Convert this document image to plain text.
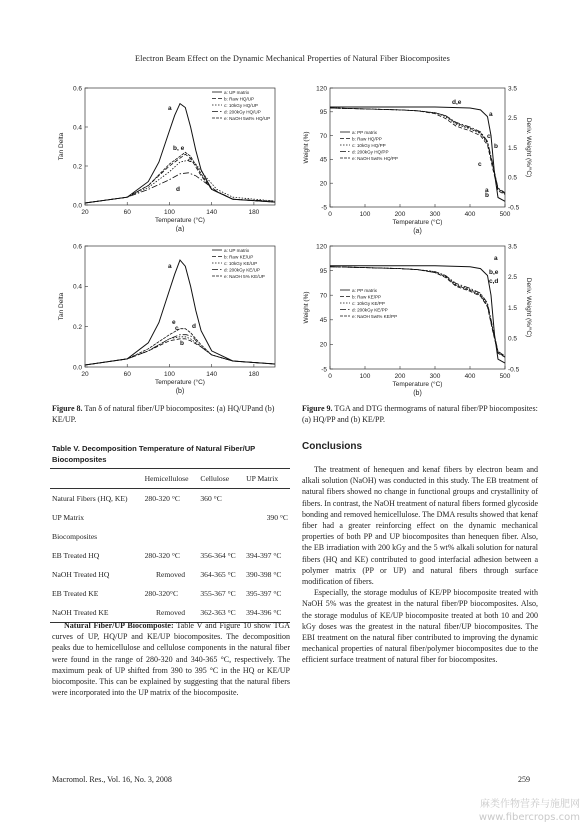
Electron Beam Effect on the Dynamic Mechanical Properties of Natural Fiber Biocomposites
20	60	100	140	180
0.0
0.2
0.4
0.6
Temperature (°C)
Tan Delta
(a)
a: UP matrix
b: Raw HQ/UP
c: 10kGy HQ/UP
d: 200kGy HQ/UP
e: NaOH 5wt% HQ/UP
a
b, e
c
d
20	60	100	140	180
0.0
0.2
0.4
0.6
Temperature (°C)
Tan Delta
(b)
a: UP matrix
b: Raw KE/UP
c: 10kGy KE/UP
d: 200kGy KE/UP
e: NaOH 5% KE/UP
a
e
c d
b
0	100	200	300	400	500
-5
20
45
70
95
120
-0.5
0.5
1.5
2.5
3.5
Deriv. Weight (%/°C)
Temperature (°C)
Weight (%)
(a)
a: PP matrix
b: Raw HQ/PP
c: 10kGy HQ/PP
d: 200kGy HQ/PP
e: NaOH 5wt% HQ/PP
d,e
a
c
b
a
b
c
0	100	200	300	400	500
-5
20
45
70
95
120
-0.5
0.5
1.5
2.5
3.5
Deriv. Weight (%/°C)
Temperature (°C)
Weight (%)
(b)
a: PP matrix
b: Raw KE/PP
c: 10kGy KE/PP
d: 200kGy KE/PP
e: NaOH 5wt% KE/PP
a
b,e
c,d
Figure 8. Tan δ of natural fiber/UP biocomposites: (a) HQ/UPand (b) KE/UP.
Figure 9. TGA and DTG thermograms of natural fiber/PP biocomposites: (a) HQ/PP and (b) KE/PP.
Table V. Decomposition Temperature of Natural Fiber/UP Biocomposites
	Hemicellulose	Cellulose	UP Matrix
Natural Fibers (HQ, KE)	280-320 °C	360 °C	
UP Matrix			390 °C
Biocomposites			
EB Treated HQ	280-320 °C	356-364 °C	394-397 °C
NaOH Treated HQ	Removed	364-365 °C	390-398 °C
EB Treated KE	280-320°C	355-367 °C	395-397 °C
NaOH Treated KE	Removed	362-363 °C	394-396 °C

Natural Fiber/UP Biocomposte: Table V and Figure 10 show TGA curves of UP, HQ/UP and KE/UP biocomposites. The decomposition peaks due to hemicellulose and cellulose components in the natural fiber were found in the range of 280-320 and 340-365 °C, respectively. The maximum peak of UP shifted from 390 to 395 °C in the HQ or KE/UP biocomposite. This can be explained by suggesting that the natural fibers were incorporated into the UP matrix of the biocomposite.

Conclusions

The treatment of henequen and kenaf fibers by electron beam and alkali solution (NaOH) was conducted in this study. The EB treatment of natural fibers showed no change in functional groups and crystallinity of fibers. In contrast, the NaOH treatment of natural fibers formed glycoside bonding and removed hemicellulose. The DMA results showed that kenaf fiber had a greater reinforcing effect on the dynamic mechanical properties of both PP and UP biocomposites than henequen fiber. Also, the EB irradiation with 200 kGy and the 5 wt% alkali solution for natural fibers (HQ and KE) contributed to good interfacial adhesion between a polymer matrix (PP or UP) and natural fibers through surface modification of fibers.

Especially, the storage modulus of KE/PP biocomposite treated with NaOH 5% was the greatest in the natural fiber/PP biocomposites. Also, the storage modulus of KE/UP biocomposite treated at both 10 and 200 kGy doses was the greatest in the natural fiber/UP biocomposites. The EBI treatment on the natural fiber contributed to improving the dynamic mechanical properties of natural fiber/polymer biocomposites due to the efficient surface treatment of natural fiber for biocomposites.

Macromol. Res., Vol. 16, No. 3, 2008	259
麻类作物营养与施肥网
www.fibercrops.com
